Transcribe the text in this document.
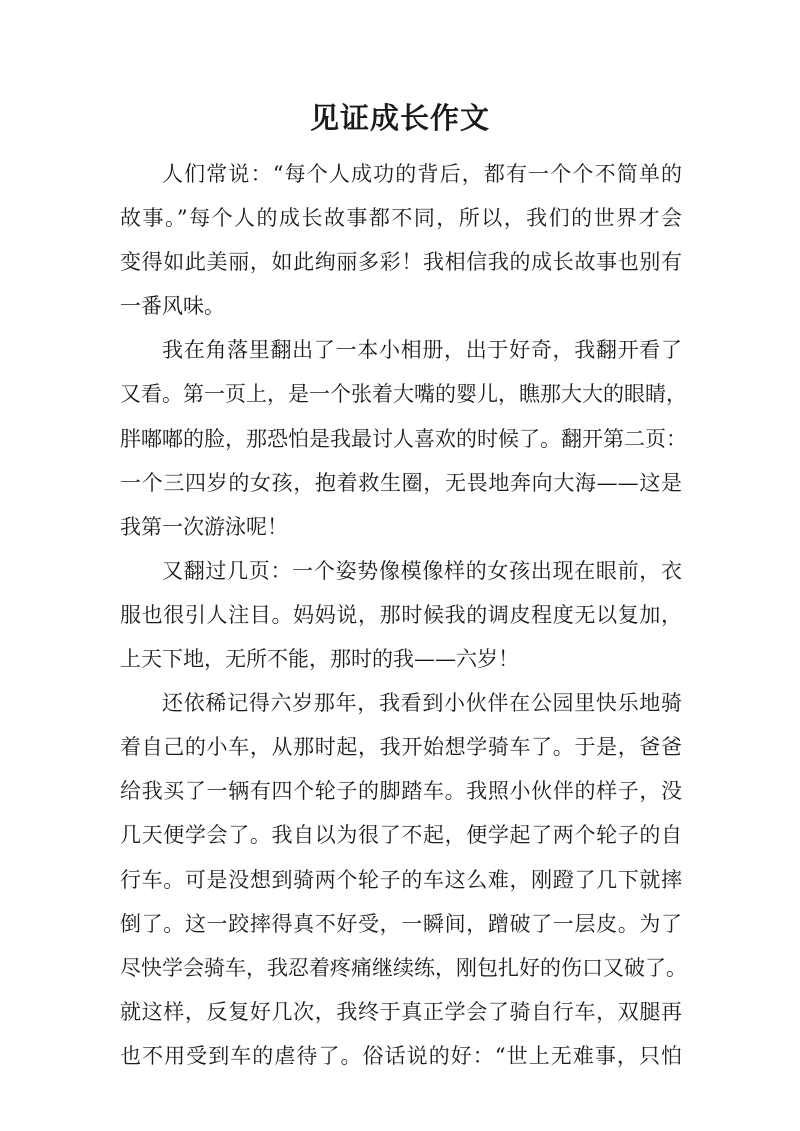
见证成长作文
人们常说：“每个人成功的背后，都有一个个不简单的
故事。”每个人的成长故事都不同，所以，我们的世界才会
变得如此美丽，如此绚丽多彩！我相信我的成长故事也别有
一番风味。
我在角落里翻出了一本小相册，出于好奇，我翻开看了
又看。第一页上，是一个张着大嘴的婴儿，瞧那大大的眼睛，
胖嘟嘟的脸，那恐怕是我最讨人喜欢的时候了。翻开第二页：
一个三四岁的女孩，抱着救生圈，无畏地奔向大海——这是
我第一次游泳呢！
又翻过几页：一个姿势像模像样的女孩出现在眼前，衣
服也很引人注目。妈妈说，那时候我的调皮程度无以复加，
上天下地，无所不能，那时的我——六岁！
还依稀记得六岁那年，我看到小伙伴在公园里快乐地骑
着自己的小车，从那时起，我开始想学骑车了。于是，爸爸
给我买了一辆有四个轮子的脚踏车。我照小伙伴的样子，没
几天便学会了。我自以为很了不起，便学起了两个轮子的自
行车。可是没想到骑两个轮子的车这么难，刚蹬了几下就摔
倒了。这一跤摔得真不好受，一瞬间，蹭破了一层皮。为了
尽快学会骑车，我忍着疼痛继续练，刚包扎好的伤口又破了。
就这样，反复好几次，我终于真正学会了骑自行车，双腿再
也不用受到车的虐待了。俗话说的好：“世上无难事，只怕
